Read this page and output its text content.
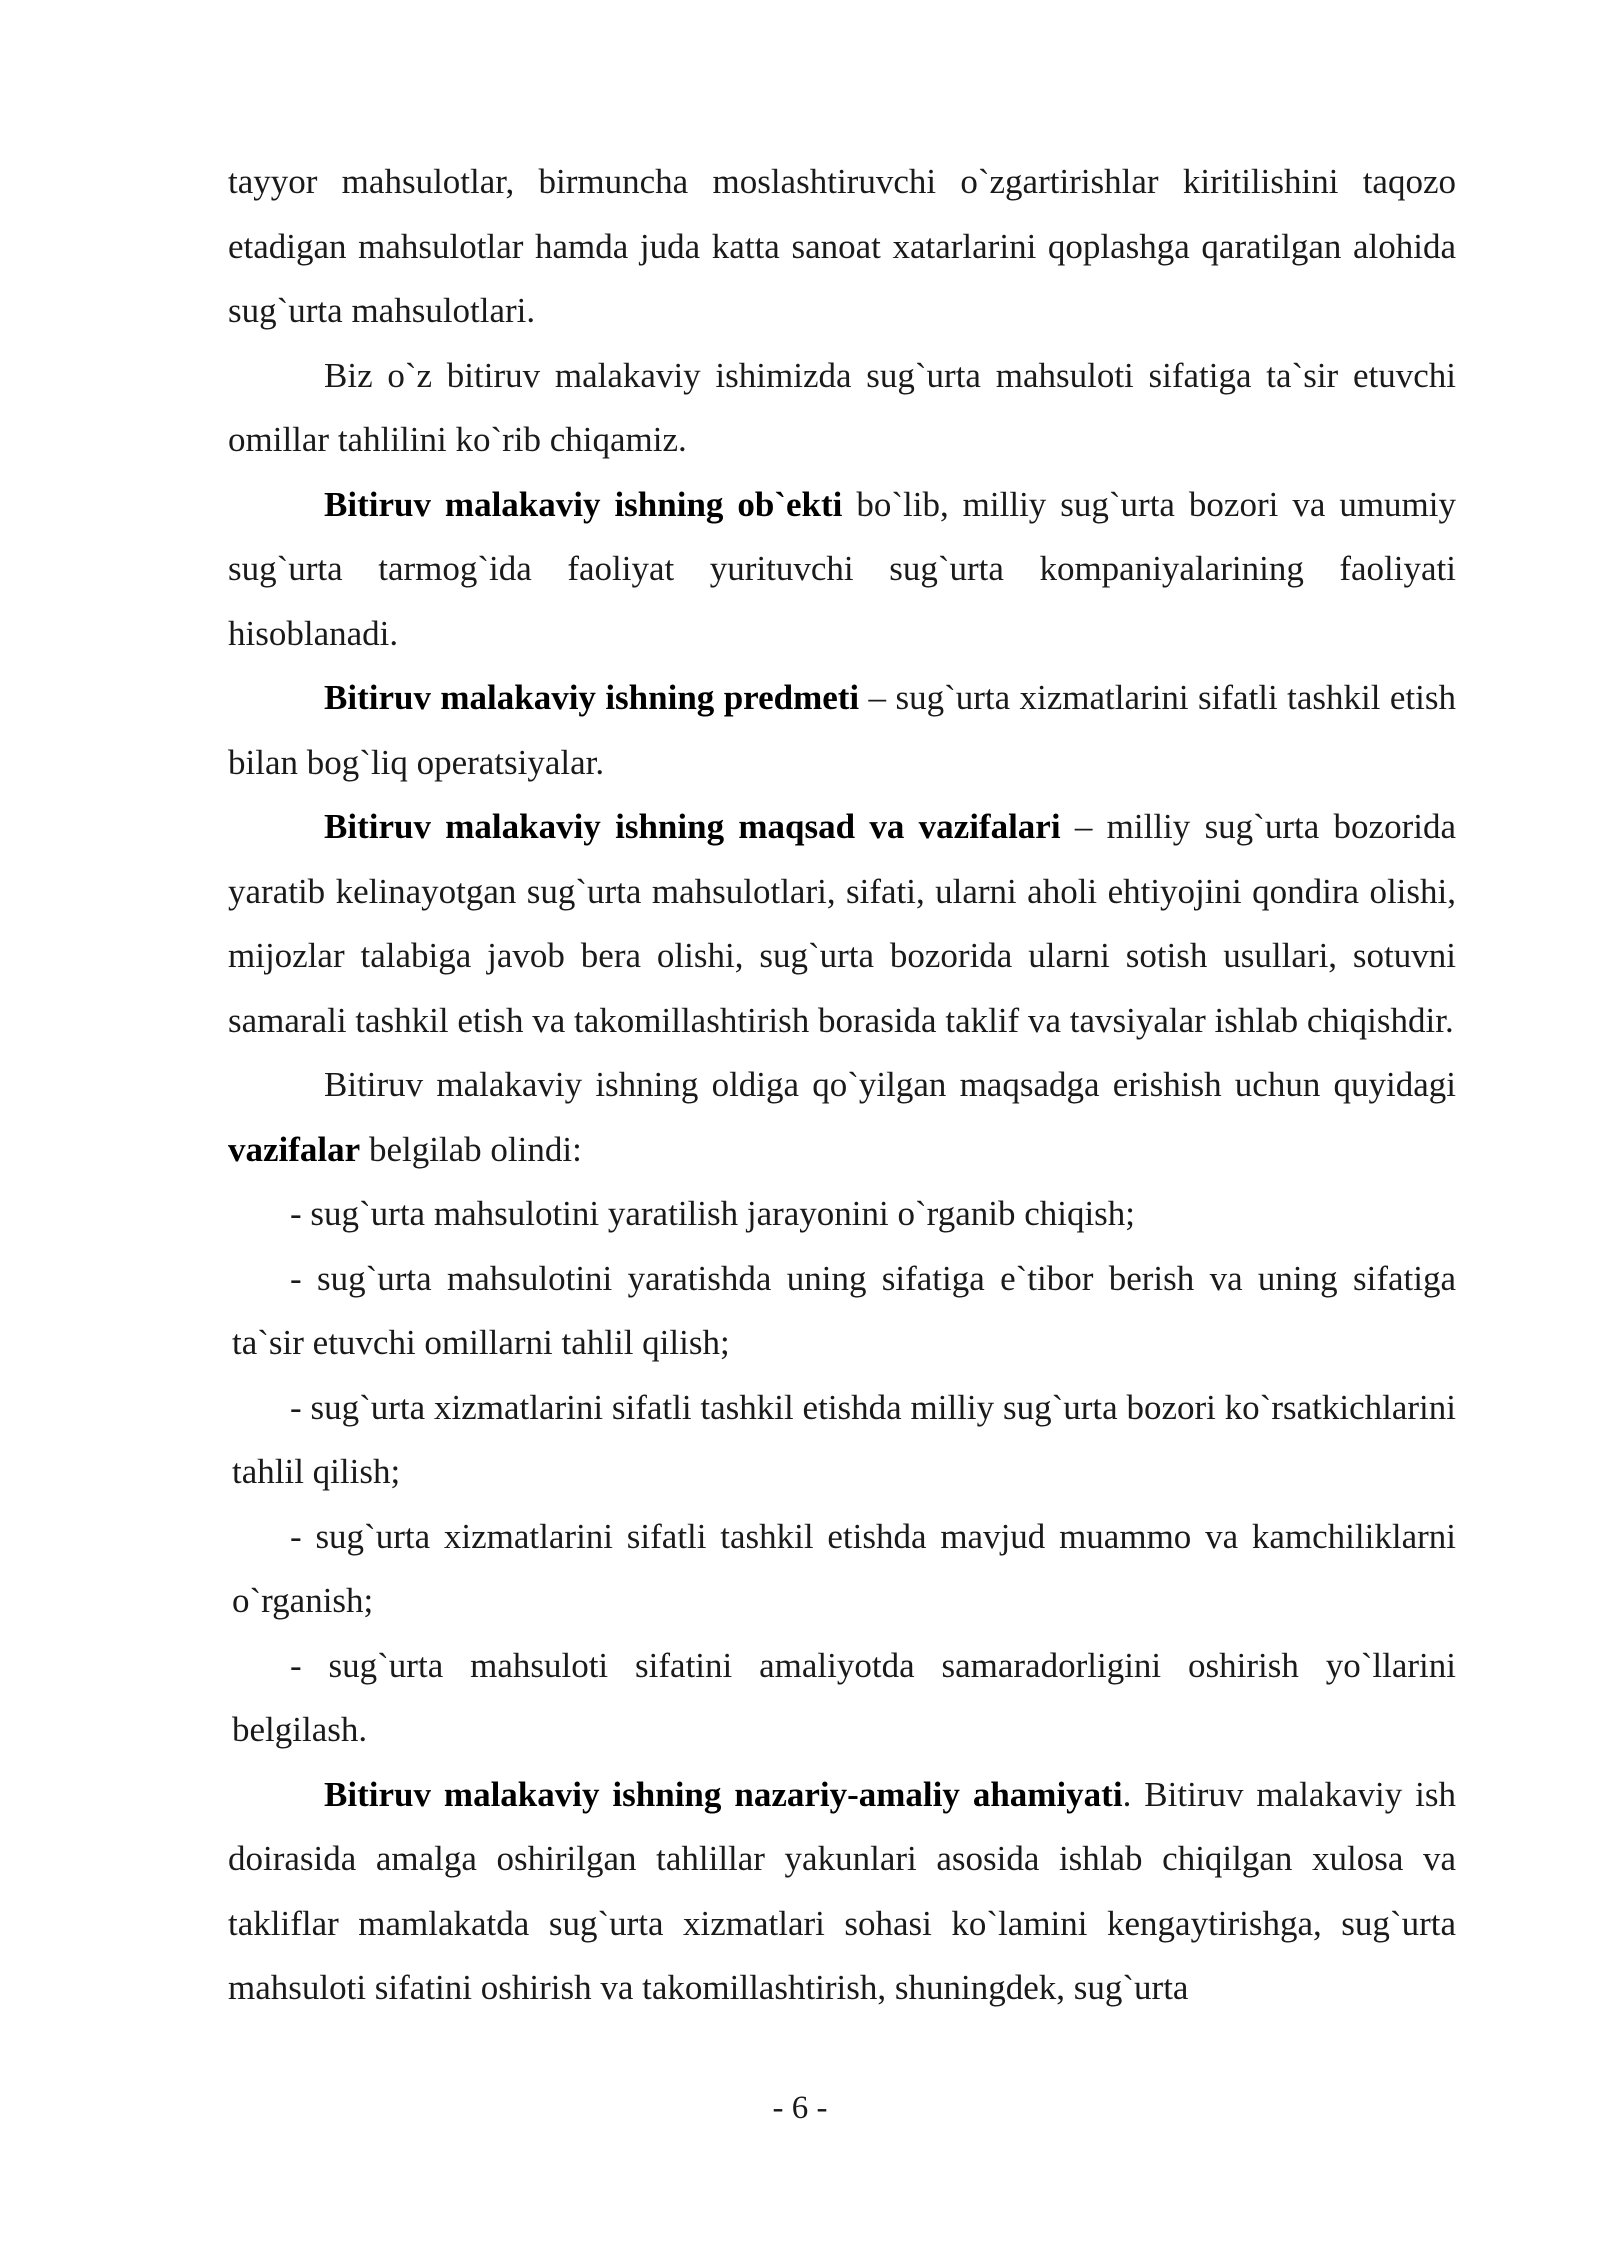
tayyor mahsulotlar, birmuncha moslashtiruvchi o`zgartirishlar kiritilishini taqozo etadigan mahsulotlar hamda juda katta sanoat xatarlarini qoplashga qaratilgan alohida sug`urta mahsulotlari.

Biz o`z bitiruv malakaviy ishimizda sug`urta mahsuloti sifatiga ta`sir etuvchi omillar tahlilini ko`rib chiqamiz.

Bitiruv malakaviy ishning ob`ekti bo`lib, milliy sug`urta bozori va umumiy sug`urta tarmog`ida faoliyat yurituvchi sug`urta kompaniyalarining faoliyati hisoblanadi.

Bitiruv malakaviy ishning predmeti – sug`urta xizmatlarini sifatli tashkil etish bilan bog`liq operatsiyalar.

Bitiruv malakaviy ishning maqsad va vazifalari – milliy sug`urta bozorida yaratib kelinayotgan sug`urta mahsulotlari, sifati, ularni aholi ehtiyojini qondira olishi, mijozlar talabiga javob bera olishi, sug`urta bozorida ularni sotish usullari, sotuvni samarali tashkil etish va takomillashtirish borasida taklif va tavsiyalar ishlab chiqishdir.

Bitiruv malakaviy ishning oldiga qo`yilgan maqsadga erishish uchun quyidagi vazifalar belgilab olindi:

- sug`urta mahsulotini yaratilish jarayonini o`rganib chiqish;

- sug`urta mahsulotini yaratishda uning sifatiga e`tibor berish va uning sifatiga ta`sir etuvchi omillarni tahlil qilish;

- sug`urta xizmatlarini sifatli tashkil etishda milliy sug`urta bozori ko`rsatkichlarini tahlil qilish;

- sug`urta xizmatlarini sifatli tashkil etishda mavjud muammo va kamchiliklarni o`rganish;

- sug`urta mahsuloti sifatini amaliyotda samaradorligini oshirish yo`llarini belgilash.

Bitiruv malakaviy ishning nazariy-amaliy ahamiyati. Bitiruv malakaviy ish doirasida amalga oshirilgan tahlillar yakunlari asosida ishlab chiqilgan xulosa va takliflar mamlakatda sug`urta xizmatlari sohasi ko`lamini kengaytirishga, sug`urta mahsuloti sifatini oshirish va takomillashtirish, shuningdek, sug`urta

- 6 -
